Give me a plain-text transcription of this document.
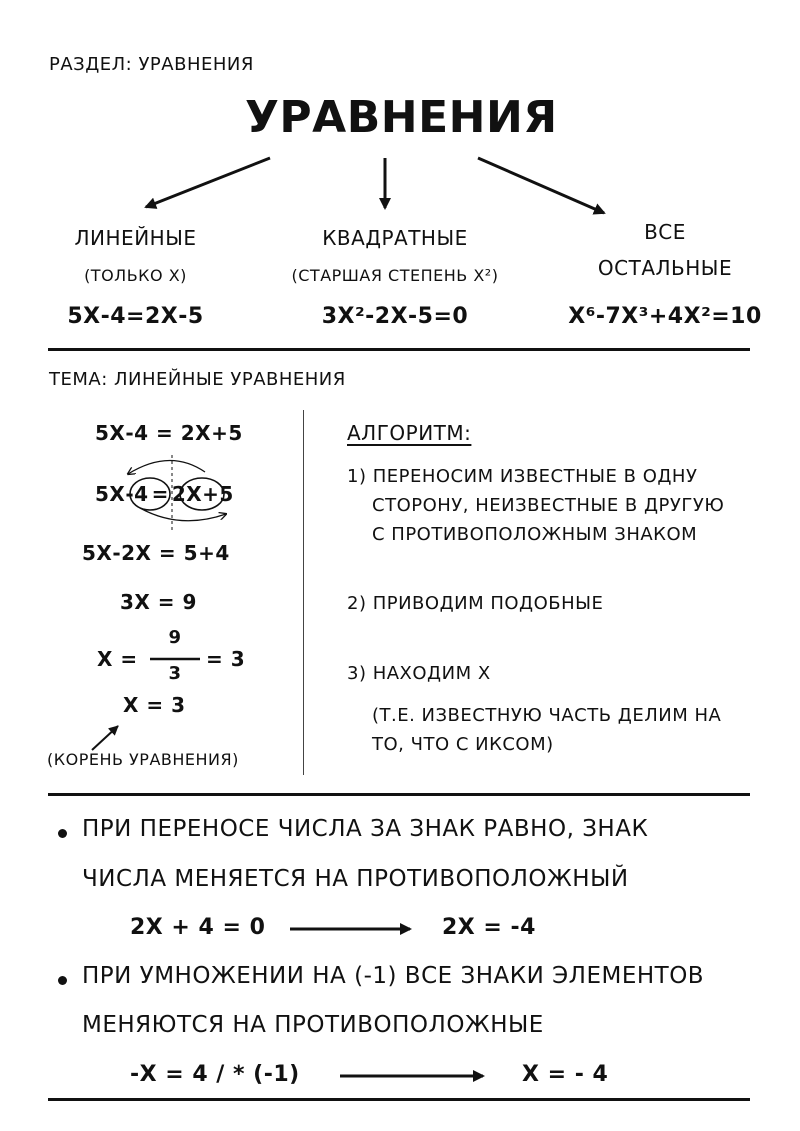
РАЗДЕЛ: УРАВНЕНИЯ
УРАВНЕНИЯ
ЛИНЕЙНЫЕ
(ТОЛЬКО Х)
5Х-4=2Х-5
КВАДРАТНЫЕ
(СТАРШАЯ СТЕПЕНЬ Х²)
3Х²-2Х-5=0
ВСЕ
ОСТАЛЬНЫЕ
Х⁶-7Х³+4Х²=10
ТЕМА: ЛИНЕЙНЫЕ УРАВНЕНИЯ
5Х-4 = 2Х+5
5Х-4 = 2Х+5
5Х-2Х = 5+4
3Х = 9
Х =
9
3
= 3
Х = 3
(КОРЕНЬ УРАВНЕНИЯ)
АЛГОРИТМ:
1) ПЕРЕНОСИМ ИЗВЕСТНЫЕ В ОДНУ
СТОРОНУ, НЕИЗВЕСТНЫЕ В ДРУГУЮ
С ПРОТИВОПОЛОЖНЫМ ЗНАКОМ
2) ПРИВОДИМ ПОДОБНЫЕ
3) НАХОДИМ Х
(Т.Е. ИЗВЕСТНУЮ ЧАСТЬ ДЕЛИМ НА
ТО, ЧТО С ИКСОМ)
ПРИ ПЕРЕНОСЕ ЧИСЛА ЗА ЗНАК РАВНО, ЗНАК
ЧИСЛА МЕНЯЕТСЯ НА ПРОТИВОПОЛОЖНЫЙ
2Х + 4 = 0	2Х = -4
ПРИ УМНОЖЕНИИ НА (-1) ВСЕ ЗНАКИ ЭЛЕМЕНТОВ
МЕНЯЮТСЯ НА ПРОТИВОПОЛОЖНЫЕ
-Х = 4 / * (-1)	Х = - 4
